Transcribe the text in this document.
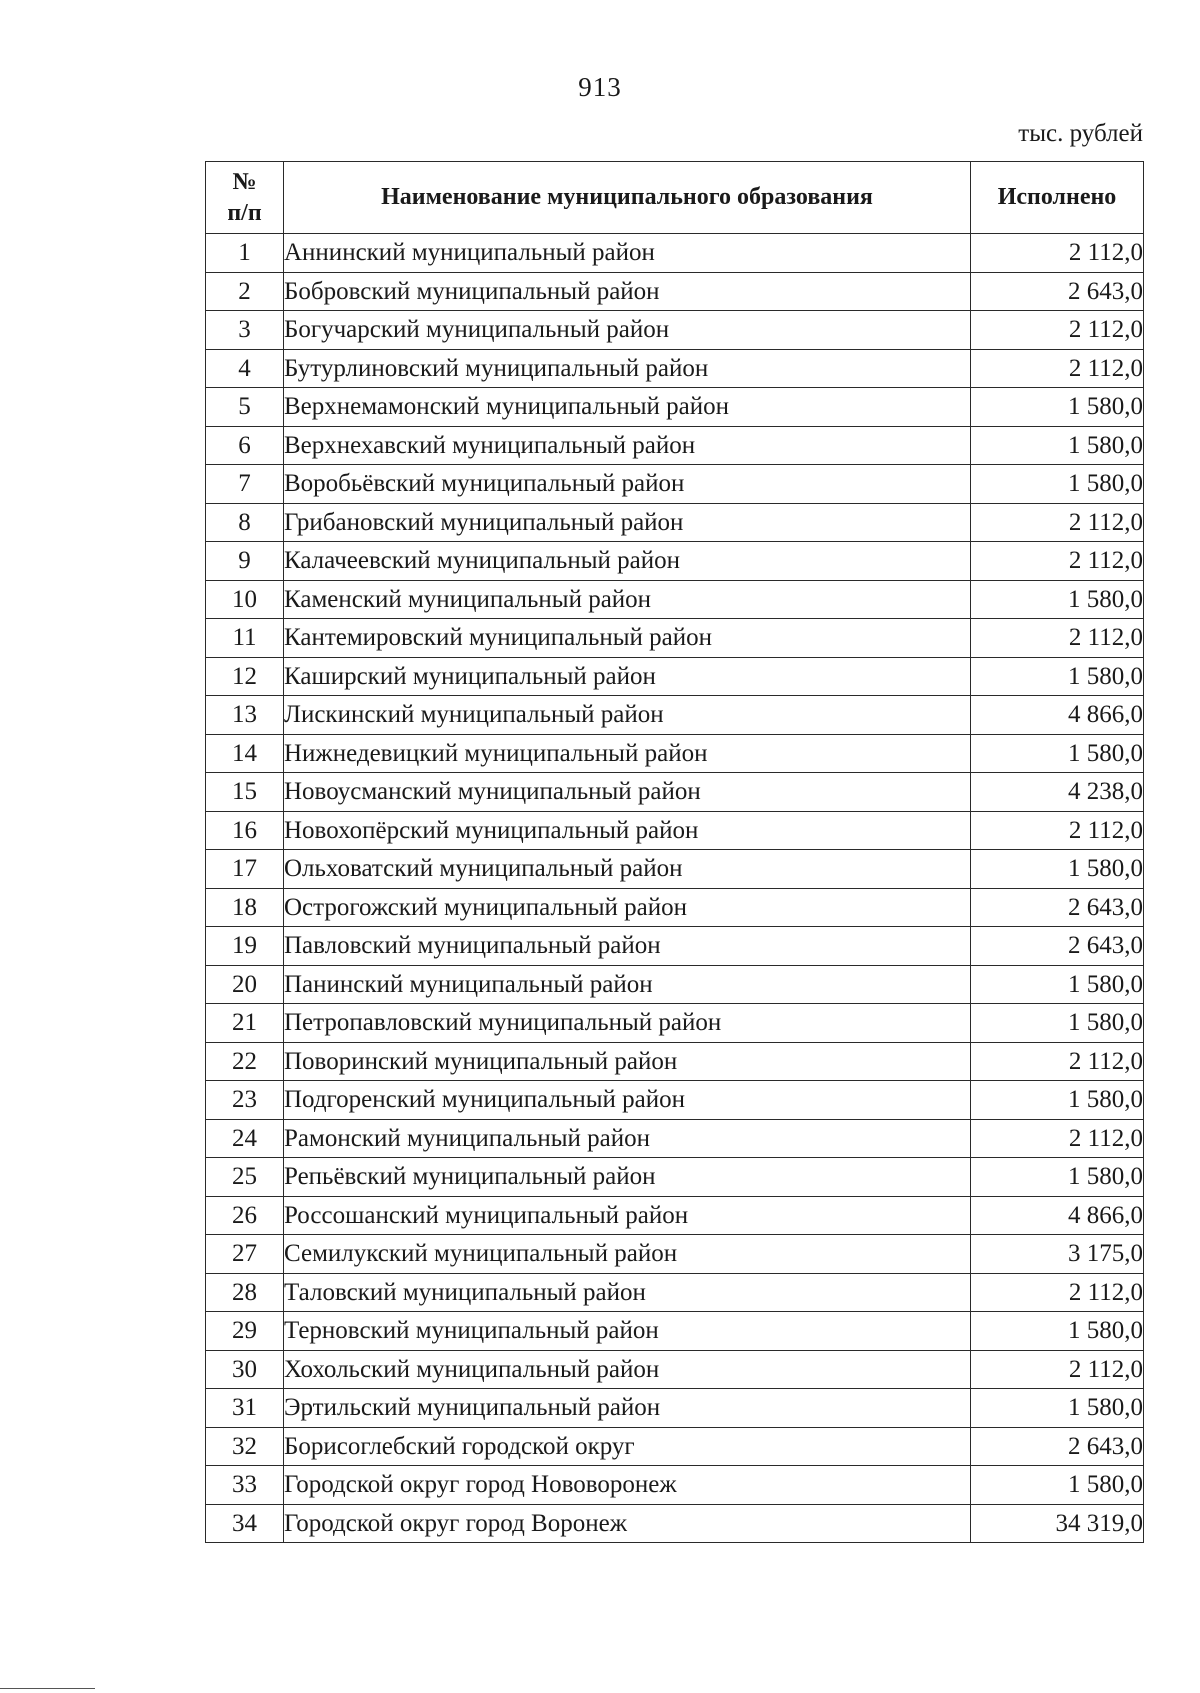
913
тыс. рублей
№
п/п	Наименование муниципального образования	Исполнено
1	Аннинский муниципальный район	2 112,0
2	Бобровский муниципальный район	2 643,0
3	Богучарский муниципальный район	2 112,0
4	Бутурлиновский муниципальный район	2 112,0
5	Верхнемамонский муниципальный район	1 580,0
6	Верхнехавский муниципальный район	1 580,0
7	Воробьёвский муниципальный район	1 580,0
8	Грибановский муниципальный район	2 112,0
9	Калачеевский муниципальный район	2 112,0
10	Каменский муниципальный район	1 580,0
11	Кантемировский муниципальный район	2 112,0
12	Каширский муниципальный район	1 580,0
13	Лискинский муниципальный район	4 866,0
14	Нижнедевицкий муниципальный район	1 580,0
15	Новоусманский муниципальный район	4 238,0
16	Новохопёрский муниципальный район	2 112,0
17	Ольховатский муниципальный район	1 580,0
18	Острогожский муниципальный район	2 643,0
19	Павловский муниципальный район	2 643,0
20	Панинский муниципальный район	1 580,0
21	Петропавловский муниципальный район	1 580,0
22	Поворинский муниципальный район	2 112,0
23	Подгоренский муниципальный район	1 580,0
24	Рамонский муниципальный район	2 112,0
25	Репьёвский муниципальный район	1 580,0
26	Россошанский муниципальный район	4 866,0
27	Семилукский муниципальный район	3 175,0
28	Таловский муниципальный район	2 112,0
29	Терновский муниципальный район	1 580,0
30	Хохольский муниципальный район	2 112,0
31	Эртильский муниципальный район	1 580,0
32	Борисоглебский городской округ	2 643,0
33	Городской округ город Нововоронеж	1 580,0
34	Городской округ город Воронеж	34 319,0
